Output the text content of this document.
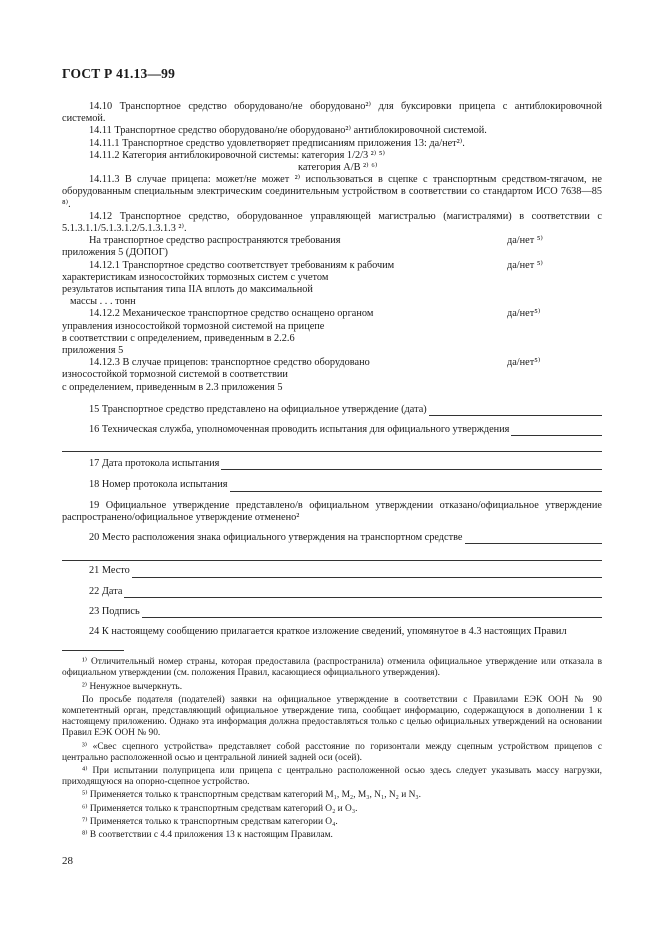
ГОСТ Р 41.13—99

14.10 Транспортное средство оборудовано/не оборудовано²⁾ для буксировки прицепа с антиблокировочной системой.

14.11 Транспортное средство оборудовано/не оборудовано²⁾ антиблокировочной системой.

14.11.1 Транспортное средство удовлетворяет предписаниям приложения 13: да/нет²⁾.

14.11.2 Категория антиблокировочной системы: категория 1/2/3 ²⁾ ⁵⁾

категория А/В ²⁾ ⁶⁾

14.11.3 В случае прицепа: может/не может ²⁾ использоваться в сцепке с транспортным средством-тягачом, не оборудованным специальным электрическим соединительным устройством в соответствии со стандартом ИСО 7638—85 ⁸⁾.

14.12 Транспортное средство, оборудованное управляющей магистралью (магистралями) в соответствии с 5.1.3.1.1/5.1.3.1.2/5.1.3.1.3 ²⁾.

На транспортное средство распространяются требования
приложения 5 (ДОПОГ)
да/нет ⁵⁾
14.12.1 Транспортное средство соответствует требованиям к рабочим
характеристикам износостойких тормозных систем с учетом
результатов испытания типа IIA вплоть до максимальной
массы . . . тонн
да/нет ⁵⁾
14.12.2 Механическое транспортное средство оснащено органом
управления износостойкой тормозной системой на прицепе
в соответствии с определением, приведенным в 2.2.6
приложения 5
да/нет⁵⁾
14.12.3 В случае прицепов: транспортное средство оборудовано
износостойкой тормозной системой в соответствии
с определением, приведенным в 2.3 приложения 5
да/нет⁵⁾
15 Транспортное средство представлено на официальное утверждение (дата)
16 Техническая служба, уполномоченная проводить испытания для официального утверждения
17 Дата протокола испытания
18 Номер протокола испытания

19 Официальное утверждение представлено/в официальном утверждении отказано/официальное утверждение распространено/официальное утверждение отменено²

20 Место расположения знака официального утверждения на транспортном средстве
21 Место
22 Дата
23 Подпись

24 К настоящему сообщению прилагается краткое изложение сведений, упомянутое в 4.3 настоящих Правил

¹⁾ Отличительный номер страны, которая предоставила (распространила) отменила официальное утверждение или отказала в официальном утверждении (см. положения Правил, касающиеся официального утверждения).

²⁾ Ненужное вычеркнуть.

По просьбе подателя (подателей) заявки на официальное утверждение в соответствии с Правилами ЕЭК ООН № 90 компетентный орган, представляющий официальное утверждение типа, сообщает информацию, содержащуюся в дополнении 1 к настоящему приложению. Однако эта информация должна предоставляться только с целью официальных утверждений на основании Правил ЕЭК ООН № 90.

³⁾ «Свес сцепного устройства» представляет собой расстояние по горизонтали между сцепным устройством прицепов с центрально расположенной осью и центральной линией задней оси (осей).

⁴⁾ При испытании полуприцепа или прицепа с центрально расположенной осью здесь следует указывать массу нагрузки, приходящуюся на опорно-сцепное устройство.

⁵⁾ Применяется только к транспортным средствам категорий M₁, M₂, M₃, N₁, N₂ и N₃.

⁶⁾ Применяется только к транспортным средствам категорий O₂ и O₃.

⁷⁾ Применяется только к транспортным средствам категории O₄.

⁸⁾ В соответствии с 4.4 приложения 13 к настоящим Правилам.

28
